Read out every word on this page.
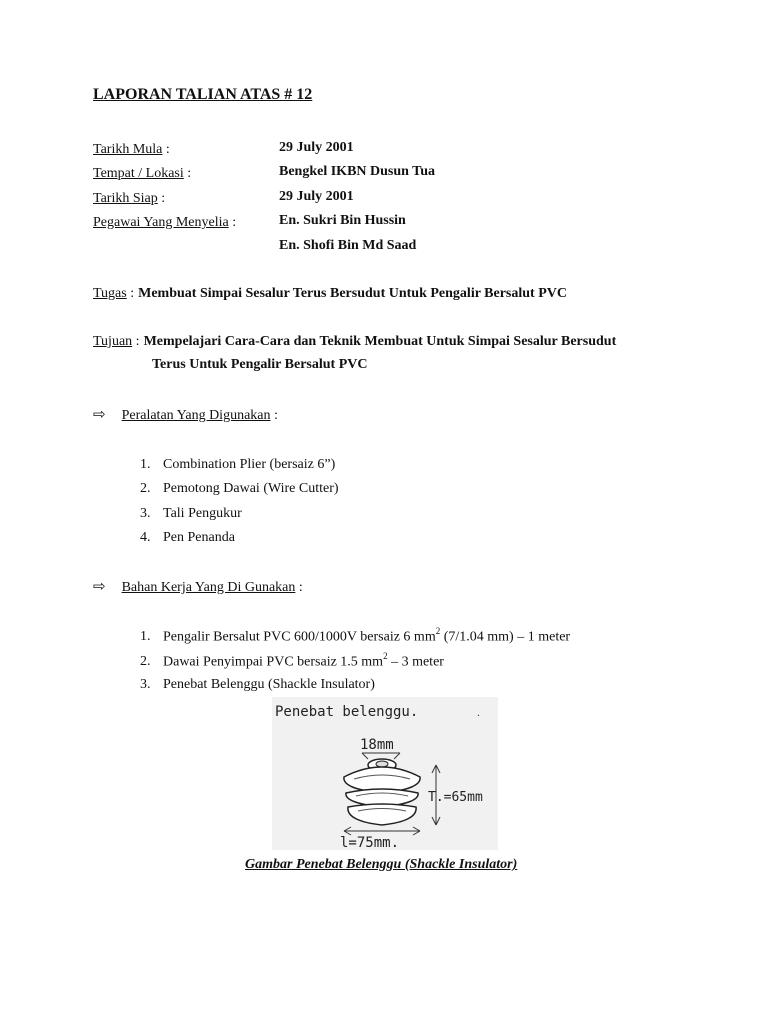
LAPORAN TALIAN ATAS # 12
Tarikh Mula :	29 July 2001
Tempat / Lokasi :	Bengkel IKBN Dusun Tua
Tarikh Siap :	29 July 2001
Pegawai Yang Menyelia :	En. Sukri Bin Hussin
En. Shofi Bin Md Saad
Tugas : Membuat Simpai Sesalur Terus Bersudut Untuk Pengalir Bersalut PVC
Tujuan : Mempelajari Cara-Cara dan Teknik Membuat Untuk Simpai Sesalur Bersudut
Terus Untuk Pengalir Bersalut PVC
⇨ Peralatan Yang Digunakan :
1. Combination Plier (bersaiz 6”)
2. Pemotong Dawai (Wire Cutter)
3. Tali Pengukur
4. Pen Penanda
⇨ Bahan Kerja Yang Di Gunakan :
1. Pengalir Bersalut PVC 600/1000V bersaiz 6 $mm^2$ (7/1.04 mm) – 1 meter
2. Dawai Penyimpai PVC bersaiz 1.5 $mm^2 - 3$ meter
3. Penebat Belenggu (Shackle Insulator)
Penebat belenggu.	.
18mm
T.=65mm
l=75mm.
Gambar Penebat Belenggu (Shackle Insulator)
